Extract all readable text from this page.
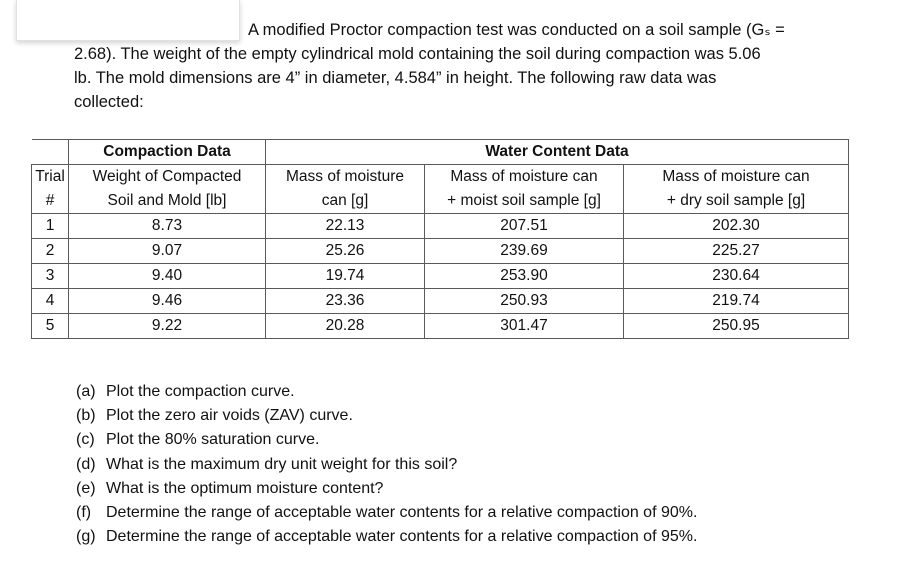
A modified Proctor compaction test was conducted on a soil sample (Gₛ =
2.68). The weight of the empty cylindrical mold containing the soil during compaction was 5.06
lb. The mold dimensions are 4” in diameter, 4.584” in height. The following raw data was
collected:
	Compaction Data	Water Content Data		
Trial	Weight of Compacted	Mass of moisture	Mass of moisture can	Mass of moisture can
#	Soil and Mold [lb]	can [g]	+ moist soil sample [g]	+ dry soil sample [g]
1	8.73	22.13	207.51	202.30
2	9.07	25.26	239.69	225.27
3	9.40	19.74	253.90	230.64
4	9.46	23.36	250.93	219.74
5	9.22	20.28	301.47	250.95
(a) Plot the compaction curve.
(b) Plot the zero air voids (ZAV) curve.
(c) Plot the 80% saturation curve.
(d) What is the maximum dry unit weight for this soil?
(e) What is the optimum moisture content?
(f) Determine the range of acceptable water contents for a relative compaction of 90%.
(g) Determine the range of acceptable water contents for a relative compaction of 95%.
